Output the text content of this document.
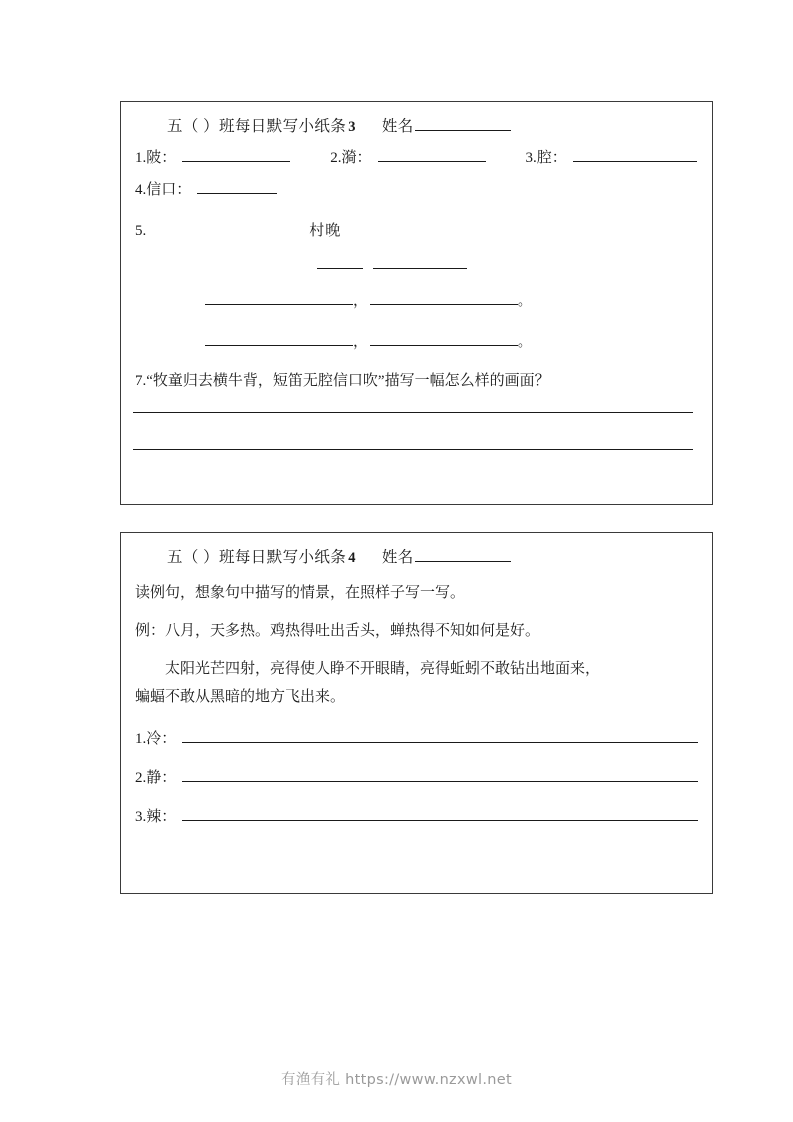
五（ ）班每日默写小纸条 3	姓名
1. 陂：	2. 漪：	3. 腔：
4. 信口：
5.	村晚
，	。
，	。
7.“牧童归去横牛背，短笛无腔信口吹”描写一幅怎么样的画面？
五（ ）班每日默写小纸条 4	姓名
读例句，想象句中描写的情景，在照样子写一写。
例：八月，天多热。鸡热得吐出舌头，蝉热得不知如何是好。
太阳光芒四射，亮得使人睁不开眼睛，亮得蚯蚓不敢钻出地面来，
蝙蝠不敢从黑暗的地方飞出来。
1. 冷：
2. 静：
3. 辣：
有渔有礼 https://www.nzxwl.net
